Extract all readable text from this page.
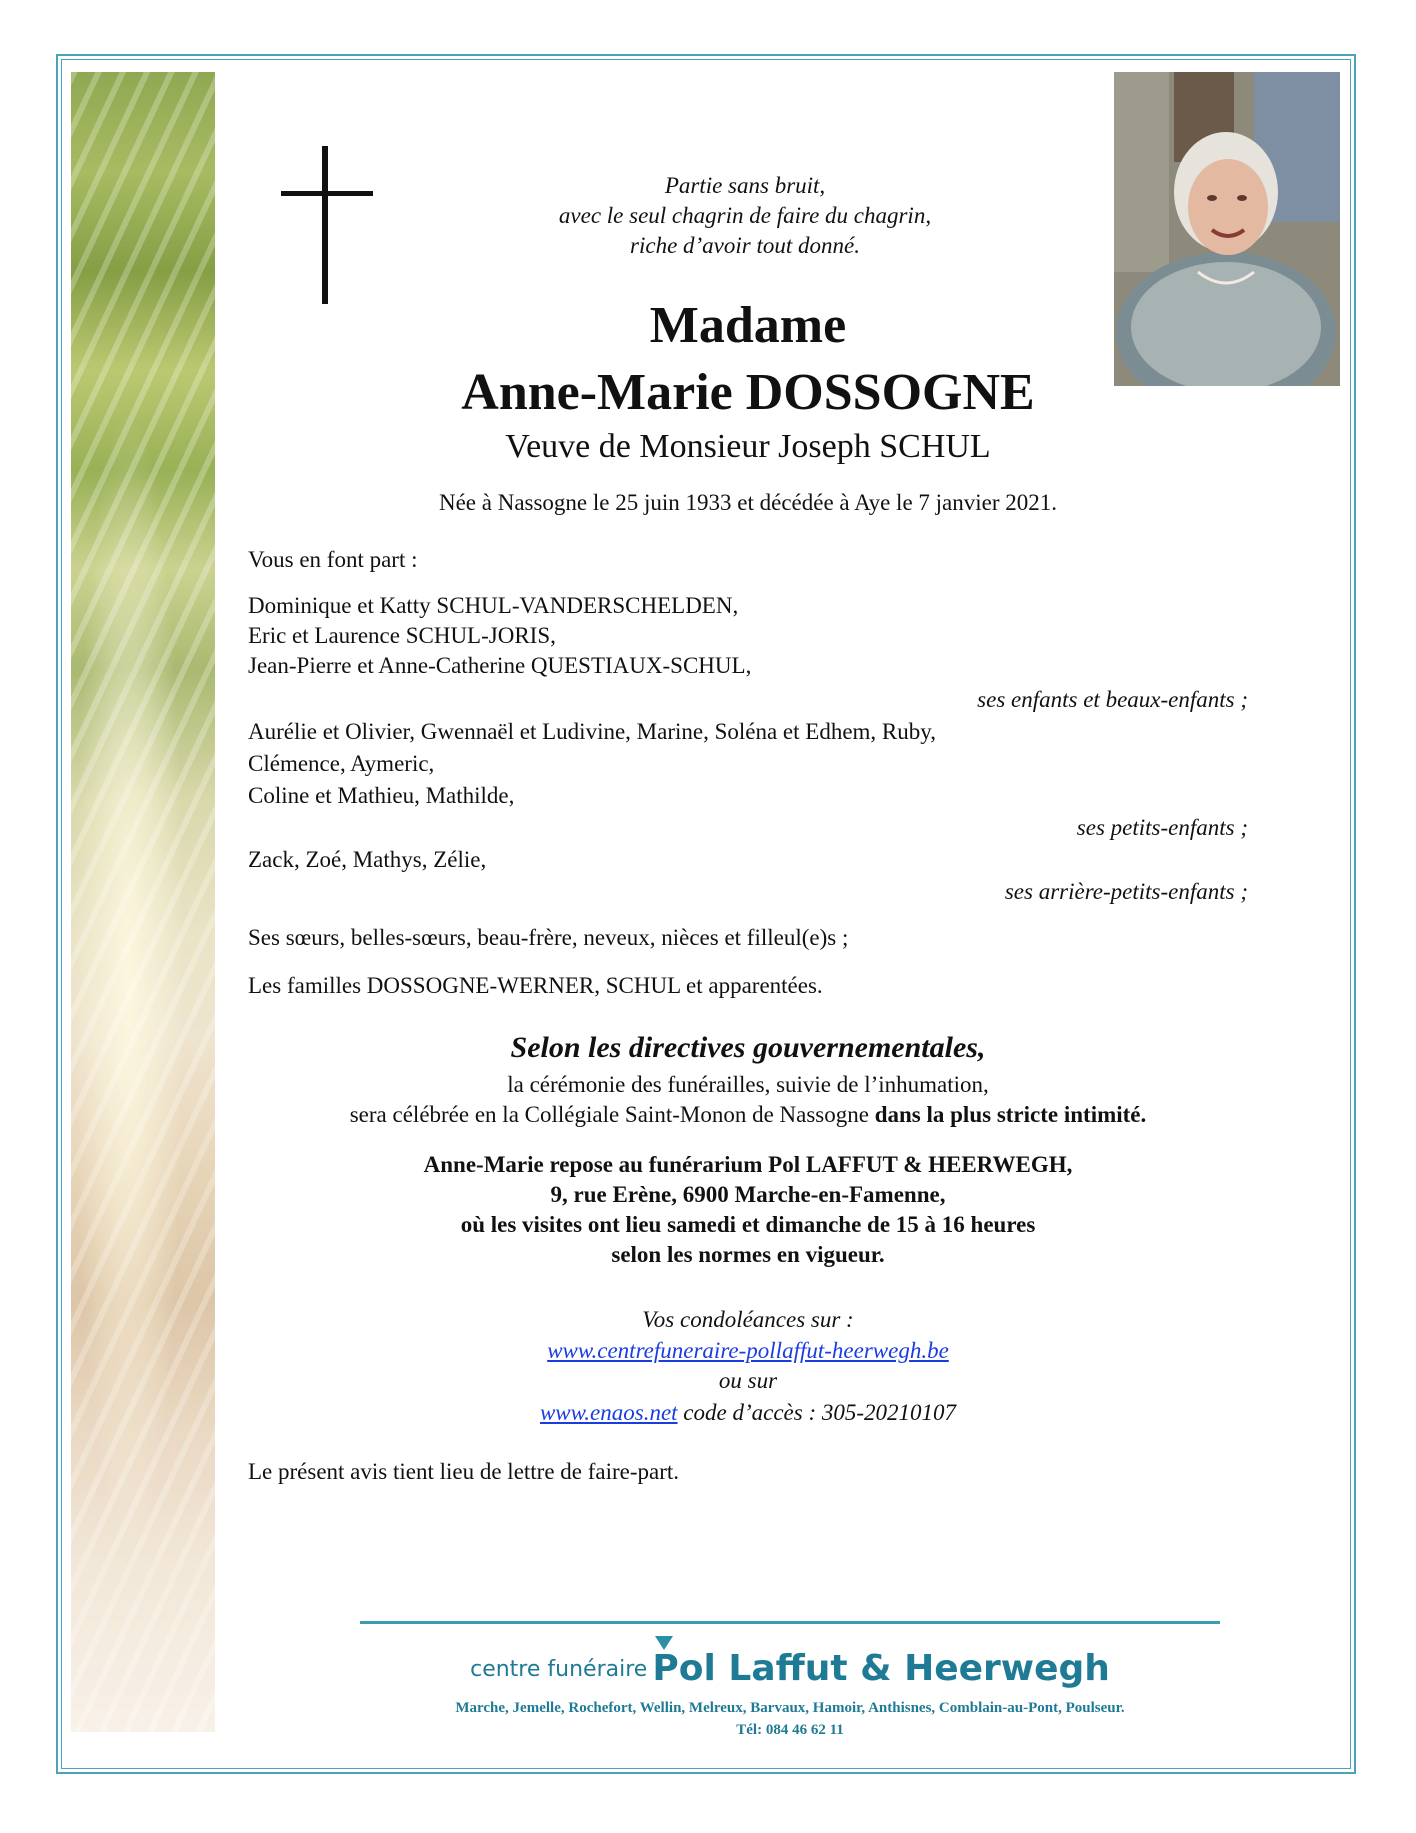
Partie sans bruit,
avec le seul chagrin de faire du chagrin,
riche d’avoir tout donné.
Madame
Anne-Marie DOSSOGNE
Veuve de Monsieur Joseph SCHUL
Née à Nassogne le 25 juin 1933 et décédée à Aye le 7 janvier 2021.
Vous en font part :
Dominique et Katty SCHUL-VANDERSCHELDEN,
Eric et Laurence SCHUL-JORIS,
Jean-Pierre et Anne-Catherine QUESTIAUX-SCHUL,
ses enfants et beaux-enfants ;
Aurélie et Olivier, Gwennaël et Ludivine, Marine, Soléna et Edhem, Ruby,
Clémence, Aymeric,
Coline et Mathieu, Mathilde,
ses petits-enfants ;
Zack, Zoé, Mathys, Zélie,
ses arrière-petits-enfants ;
Ses sœurs, belles-sœurs, beau-frère, neveux, nièces et filleul(e)s ;
Les familles DOSSOGNE-WERNER, SCHUL et apparentées.
Selon les directives gouvernementales,
la cérémonie des funérailles, suivie de l’inhumation,
sera célébrée en la Collégiale Saint-Monon de Nassogne dans la plus stricte intimité.
Anne-Marie repose au funérarium Pol LAFFUT & HEERWEGH,
9, rue Erène, 6900 Marche-en-Famenne,
où les visites ont lieu samedi et dimanche de 15 à 16 heures
selon les normes en vigueur.
Vos condoléances sur :
www.centrefuneraire-pollaffut-heerwegh.be
ou sur
www.enaos.net code d’accès : 305-20210107
Le présent avis tient lieu de lettre de faire-part.
centre funéraire Pol Laffut & Heerwegh
Marche, Jemelle, Rochefort, Wellin, Melreux, Barvaux, Hamoir, Anthisnes, Comblain-au-Pont, Poulseur.
Tél: 084 46 62 11
